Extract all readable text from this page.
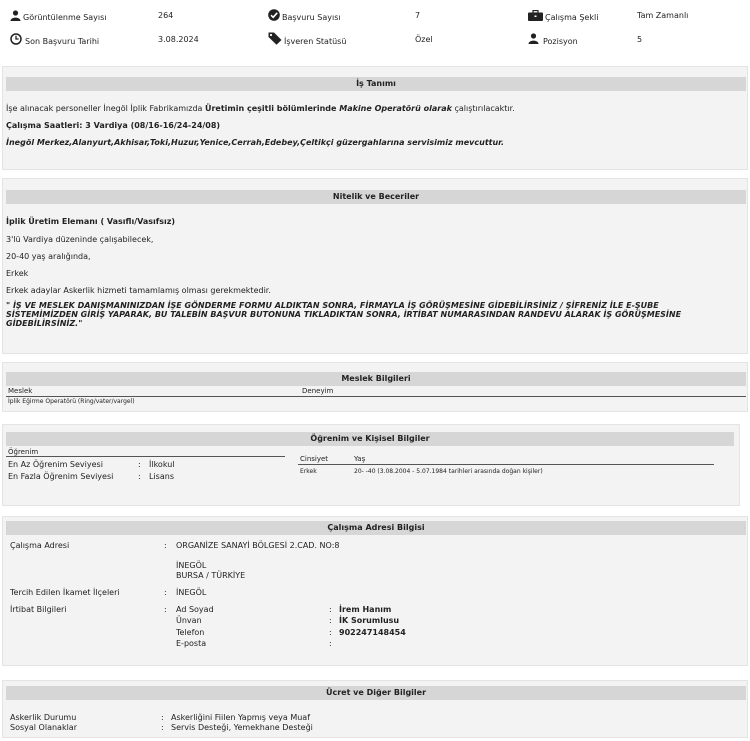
Görüntülenme Sayısı	264	Başvuru Sayısı	7	Çalışma Şekli	Tam Zamanlı
Son Başvuru Tarihi	3.08.2024	İşveren Statüsü	Özel	Pozisyon	5
İş Tanımı
İşe alınacak personeller İnegöl İplik Fabrikamızda Üretimin çeşitli bölümlerinde Makine Operatörü olarak çalıştırılacaktır.
Çalışma Saatleri: 3 Vardiya (08/16-16/24-24/08)
İnegöl Merkez,Alanyurt,Akhisar,Toki,Huzur,Yenice,Cerrah,Edebey,Çeltikçi güzergahlarına servisimiz mevcuttur.
Nitelik ve Beceriler
İplik Üretim Elemanı ( Vasıflı/Vasıfsız)
3'lü Vardiya düzeninde çalışabilecek,
20-40 yaş aralığında,
Erkek
Erkek adaylar Askerlik hizmeti tamamlamış olması gerekmektedir.
" İŞ VE MESLEK DANIŞMANINIZDAN İŞE GÖNDERME FORMU ALDIKTAN SONRA, FİRMAYLA İŞ GÖRÜŞMESİNE GİDEBİLİRSİNİZ / ŞİFRENİZ İLE E-ŞUBE
SİSTEMİMİZDEN GİRİŞ YAPARAK, BU TALEBİN BAŞVUR BUTONUNA TIKLADIKTAN SONRA, İRTİBAT NUMARASINDAN RANDEVU ALARAK İŞ GÖRÜŞMESİNE
GİDEBİLİRSİNİZ."
Meslek Bilgileri
Meslek	Deneyim
İplik Eğirme Operatörü (Ring/vater/vargel)
Öğrenim ve Kişisel Bilgiler
Öğrenim
En Az Öğrenim Seviyesi	: İlkokul
En Fazla Öğrenim Seviyesi	: Lisans
Cinsiyet	Yaş
Erkek	20- -40 (3.08.2004 - 5.07.1984 tarihleri arasında doğan kişiler)
Çalışma Adresi Bilgisi
Çalışma Adresi	: ORGANİZE SANAYİ BÖLGESİ 2.CAD. NO:8
İNEGÖL
BURSA / TÜRKİYE
Tercih Edilen İkamet İlçeleri	: İNEGÖL
İrtibat Bilgileri	: Ad Soyad	: İrem Hanım
Ünvan	: İK Sorumlusu
Telefon	: 902247148454
E-posta	:
Ücret ve Diğer Bilgiler
Askerlik Durumu	: Askerliğini Fiilen Yapmış veya Muaf
Sosyal Olanaklar	: Servis Desteği, Yemekhane Desteği
